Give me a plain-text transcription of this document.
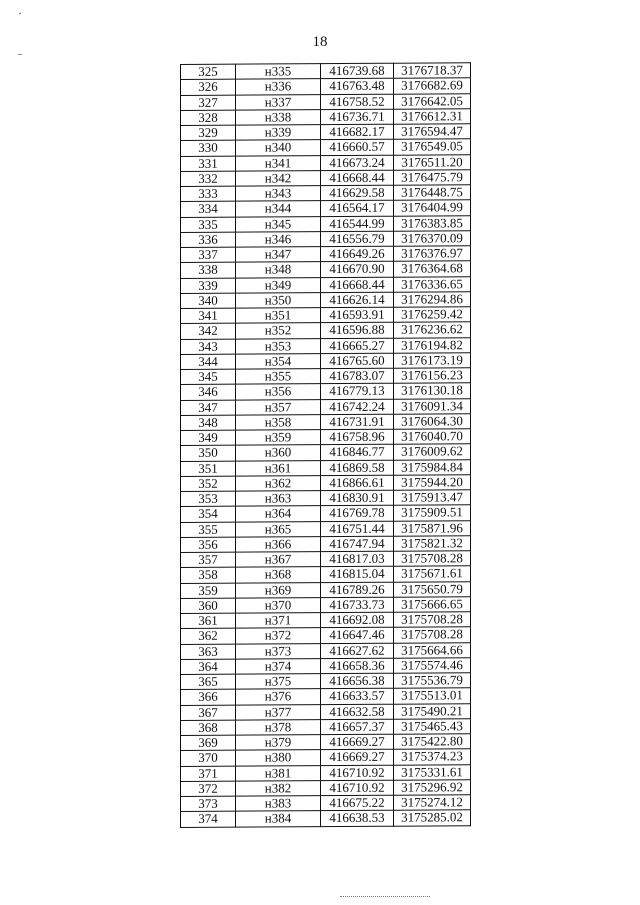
ˊ
ˉ
18
325	н335	416739.68	3176718.37
326	н336	416763.48	3176682.69
327	н337	416758.52	3176642.05
328	н338	416736.71	3176612.31
329	н339	416682.17	3176594.47
330	н340	416660.57	3176549.05
331	н341	416673.24	3176511.20
332	н342	416668.44	3176475.79
333	н343	416629.58	3176448.75
334	н344	416564.17	3176404.99
335	н345	416544.99	3176383.85
336	н346	416556.79	3176370.09
337	н347	416649.26	3176376.97
338	н348	416670.90	3176364.68
339	н349	416668.44	3176336.65
340	н350	416626.14	3176294.86
341	н351	416593.91	3176259.42
342	н352	416596.88	3176236.62
343	н353	416665.27	3176194.82
344	н354	416765.60	3176173.19
345	н355	416783.07	3176156.23
346	н356	416779.13	3176130.18
347	н357	416742.24	3176091.34
348	н358	416731.91	3176064.30
349	н359	416758.96	3176040.70
350	н360	416846.77	3176009.62
351	н361	416869.58	3175984.84
352	н362	416866.61	3175944.20
353	н363	416830.91	3175913.47
354	н364	416769.78	3175909.51
355	н365	416751.44	3175871.96
356	н366	416747.94	3175821.32
357	н367	416817.03	3175708.28
358	н368	416815.04	3175671.61
359	н369	416789.26	3175650.79
360	н370	416733.73	3175666.65
361	н371	416692.08	3175708.28
362	н372	416647.46	3175708.28
363	н373	416627.62	3175664.66
364	н374	416658.36	3175574.46
365	н375	416656.38	3175536.79
366	н376	416633.57	3175513.01
367	н377	416632.58	3175490.21
368	н378	416657.37	3175465.43
369	н379	416669.27	3175422.80
370	н380	416669.27	3175374.23
371	н381	416710.92	3175331.61
372	н382	416710.92	3175296.92
373	н383	416675.22	3175274.12
374	н384	416638.53	3175285.02
